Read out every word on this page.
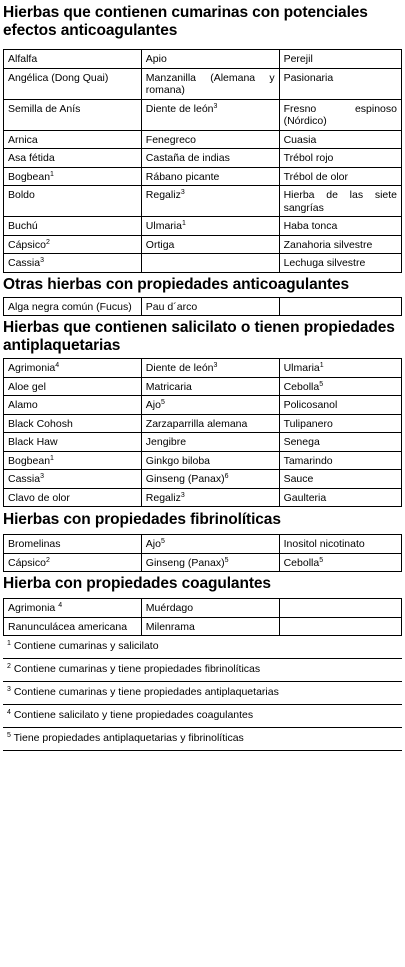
Hierbas que contienen cumarinas con potenciales efectos anticoagulantes
Alfalfa	Apio	Perejil
Angélica (Dong Quai)	Manzanilla (Alemana y romana)	Pasionaria
Semilla de Anís	Diente de león$^3$	Fresno espinoso (Nórdico)
Arnica	Fenegreco	Cuasia
Asa fétida	Castaña de indias	Trébol rojo
Bogbean$^1$	Rábano picante	Trébol de olor
Boldo	Regaliz$^3$	Hierba de las siete sangrías
Buchú	Ulmaria$^1$	Haba tonca
Cápsico$^2$	Ortiga	Zanahoria silvestre
Cassia$^3$		Lechuga silvestre
Otras hierbas con propiedades anticoagulantes
Alga negra común (Fucus)	Pau d´arco	
Hierbas que contienen salicilato o tienen propiedades antiplaquetarias
Agrimonia$^4$	Diente de león$^3$	Ulmaria$^1$
Aloe gel	Matricaria	Cebolla$^5$
Alamo	Ajo$^5$	Policosanol
Black Cohosh	Zarzaparrilla alemana	Tulipanero
Black Haw	Jengibre	Senega
Bogbean$^1$	Ginkgo biloba	Tamarindo
Cassia$^3$	Ginseng (Panax)$^6$	Sauce
Clavo de olor	Regaliz$^3$	Gaulteria
Hierbas con propiedades fibrinolíticas
Bromelinas	Ajo$^5$	Inositol nicotinato
Cápsico$^2$	Ginseng (Panax)$^5$	Cebolla$^5$
Hierba con propiedades coagulantes
Agrimonia $^4$	Muérdago	
Ranunculácea americana	Milenrama	
$^1$ Contiene cumarinas y salicilato
$^2$ Contiene cumarinas y tiene propiedades fibrinolíticas
$^3$ Contiene cumarinas y tiene propiedades antiplaquetarias
$^4$ Contiene salicilato y tiene propiedades coagulantes
$^5$ Tiene propiedades antiplaquetarias y fibrinolíticas
